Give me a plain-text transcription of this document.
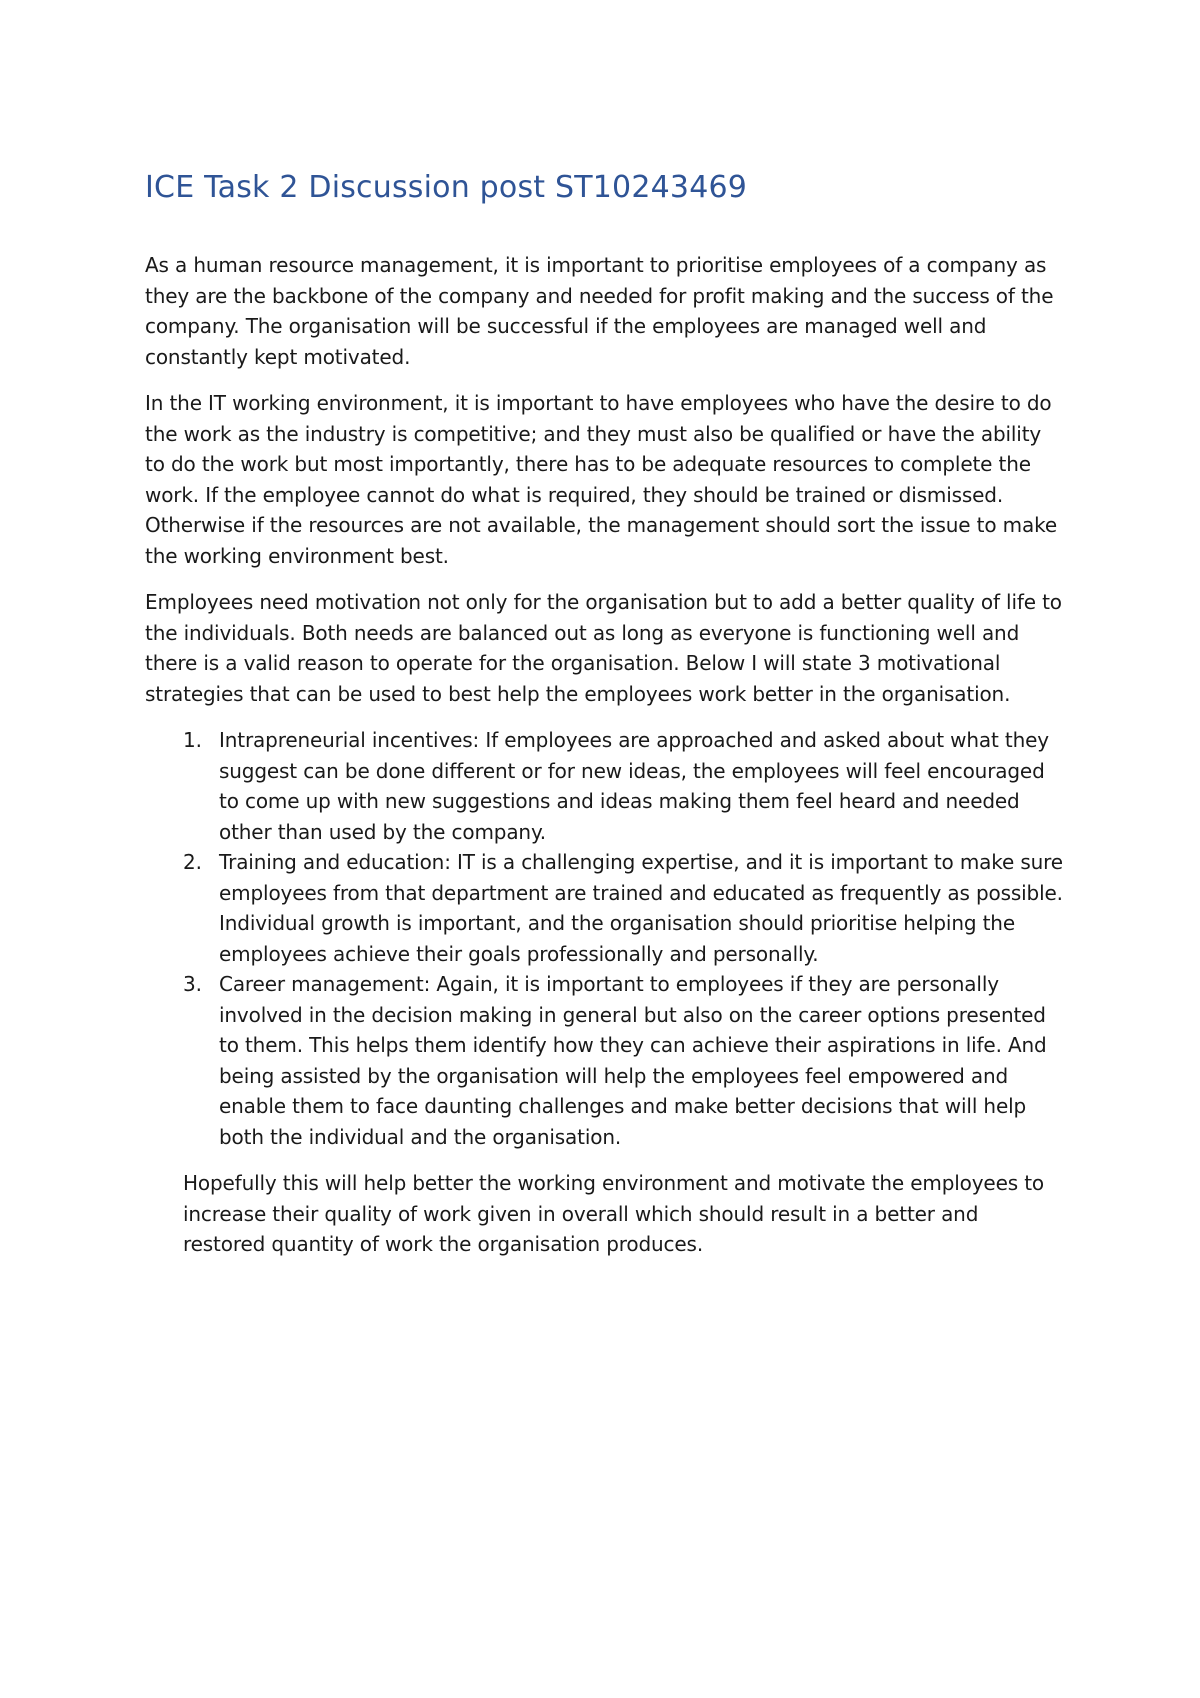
ICE Task 2 Discussion post ST10243469

As a human resource management, it is important to prioritise employees of a company as they are the backbone of the company and needed for profit making and the success of the company. The organisation will be successful if the employees are managed well and constantly kept motivated.

In the IT working environment, it is important to have employees who have the desire to do the work as the industry is competitive; and they must also be qualified or have the ability to do the work but most importantly, there has to be adequate resources to complete the work. If the employee cannot do what is required, they should be trained or dismissed. Otherwise if the resources are not available, the management should sort the issue to make the working environment best.

Employees need motivation not only for the organisation but to add a better quality of life to the individuals. Both needs are balanced out as long as everyone is functioning well and there is a valid reason to operate for the organisation. Below I will state 3 motivational strategies that can be used to best help the employees work better in the organisation.

1. Intrapreneurial incentives: If employees are approached and asked about what they suggest can be done different or for new ideas, the employees will feel encouraged to come up with new suggestions and ideas making them feel heard and needed other than used by the company.
2. Training and education: IT is a challenging expertise, and it is important to make sure employees from that department are trained and educated as frequently as possible. Individual growth is important, and the organisation should prioritise helping the employees achieve their goals professionally and personally.
3. Career management: Again, it is important to employees if they are personally involved in the decision making in general but also on the career options presented to them. This helps them identify how they can achieve their aspirations in life. And being assisted by the organisation will help the employees feel empowered and enable them to face daunting challenges and make better decisions that will help both the individual and the organisation.

Hopefully this will help better the working environment and motivate the employees to increase their quality of work given in overall which should result in a better and restored quantity of work the organisation produces.
